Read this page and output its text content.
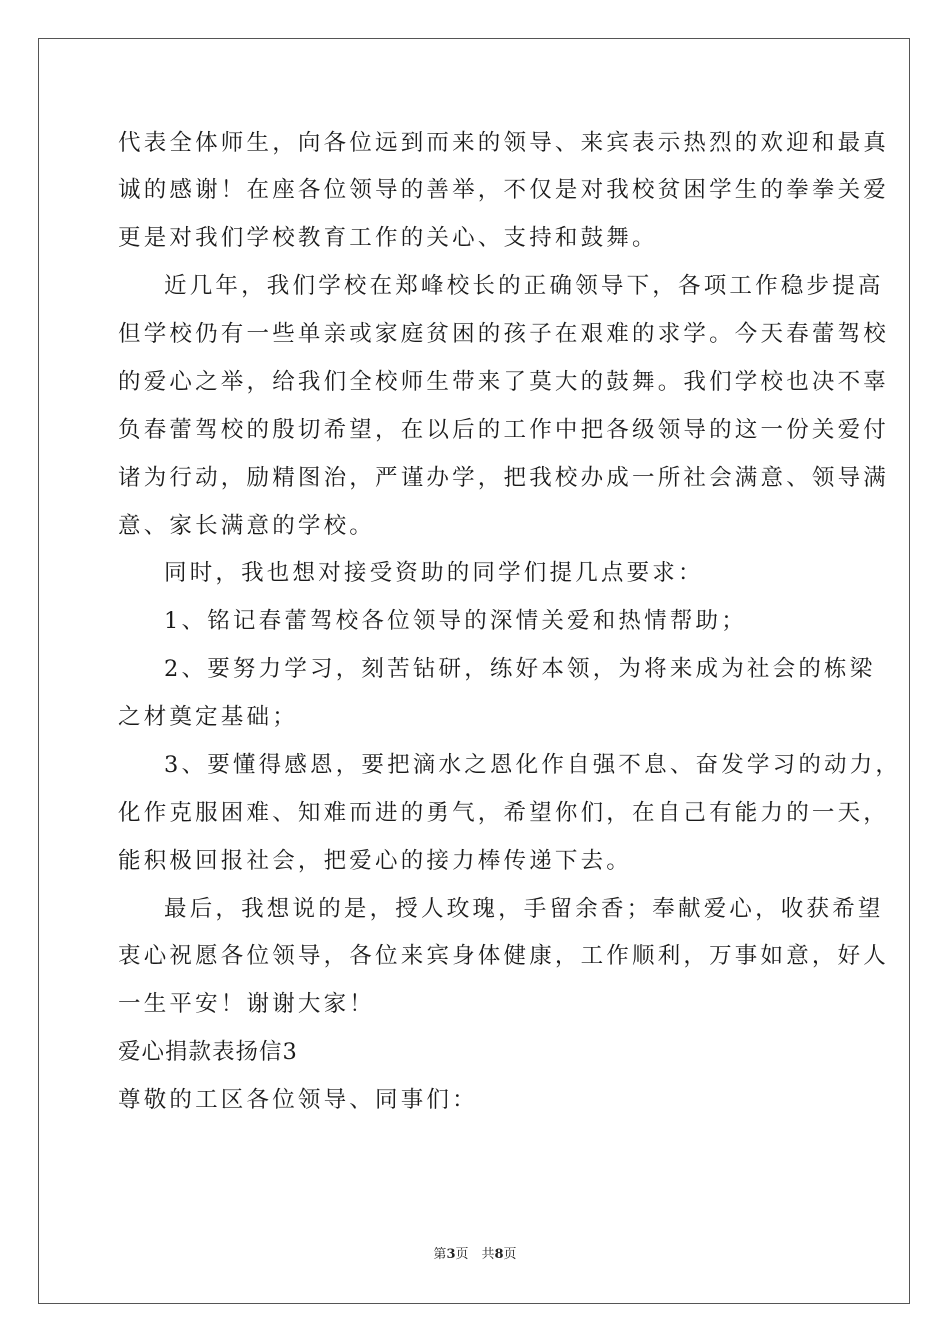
代表全体师生，向各位远到而来的领导、来宾表示热烈的欢迎和最真
诚的感谢！在座各位领导的善举，不仅是对我校贫困学生的拳拳关爱
更是对我们学校教育工作的关心、支持和鼓舞。
近几年，我们学校在郑峰校长的正确领导下，各项工作稳步提高
但学校仍有一些单亲或家庭贫困的孩子在艰难的求学。今天春蕾驾校
的爱心之举，给我们全校师生带来了莫大的鼓舞。我们学校也决不辜
负春蕾驾校的殷切希望，在以后的工作中把各级领导的这一份关爱付
诸为行动，励精图治，严谨办学，把我校办成一所社会满意、领导满
意、家长满意的学校。
同时，我也想对接受资助的同学们提几点要求：
1、铭记春蕾驾校各位领导的深情关爱和热情帮助；
2、要努力学习，刻苦钻研，练好本领，为将来成为社会的栋梁
之材奠定基础；
3、要懂得感恩，要把滴水之恩化作自强不息、奋发学习的动力，
化作克服困难、知难而进的勇气，希望你们，在自己有能力的一天，
能积极回报社会，把爱心的接力棒传递下去。
最后，我想说的是，授人玫瑰，手留余香；奉献爱心，收获希望
衷心祝愿各位领导，各位来宾身体健康，工作顺利，万事如意，好人
一生平安！谢谢大家！
爱心捐款表扬信3
尊敬的工区各位领导、同事们：
第3页　共8页
